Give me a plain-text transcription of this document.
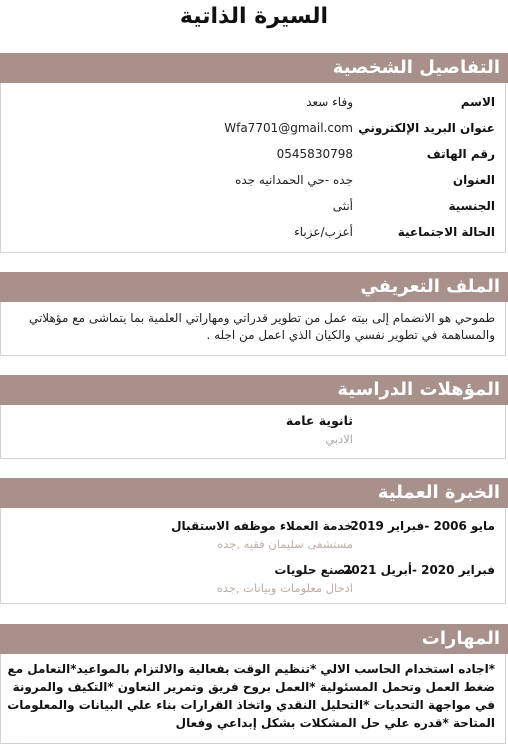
السيرة الذاتية
التفاصيل الشخصية
الاسم
وفاء سعد
عنوان البريد الإلكتروني
Wfa7701@gmail.com
رقم الهاتف
0545830798
العنوان
جده -حي الحمدانيه جده
الجنسية
أنثى
الحالة الاجتماعية
أعزب/عزباء
الملف التعريفي
طموحي هو الانضمام إلى بيته عمل من تطوير قدراتي ومهاراتي العلمية بما يتماشى مع مؤهلاتي والمساهمة في تطوير نفسي والكيان الذي اعمل من اجله .
المؤهلات الدراسية
ثانوية عامة
الادبي
الخبرة العملية
مايو 2006 -فبراير 2019
خدمة العملاء موظفه الاستقبال
مستشفى سليمان فقيه ,جده
فبراير 2020 -أبريل 2021
مصنع حلويات
ادخال معلومات وبيانات ,جده
المهارات
*اجاده استخدام الحاسب الالي *تنظيم الوقت بفعالية والالتزام بالمواعيد*التعامل مع ضغط العمل وتحمل المسئولية *العمل بروح فريق وتمرير التعاون *التكيف والمرونة في مواجهة التحديات *التحليل النقدي واتخاذ القرارات بناء علي البيانات والمعلومات المتاحة *قدره علي حل المشكلات بشكل إبداعي وفعال
